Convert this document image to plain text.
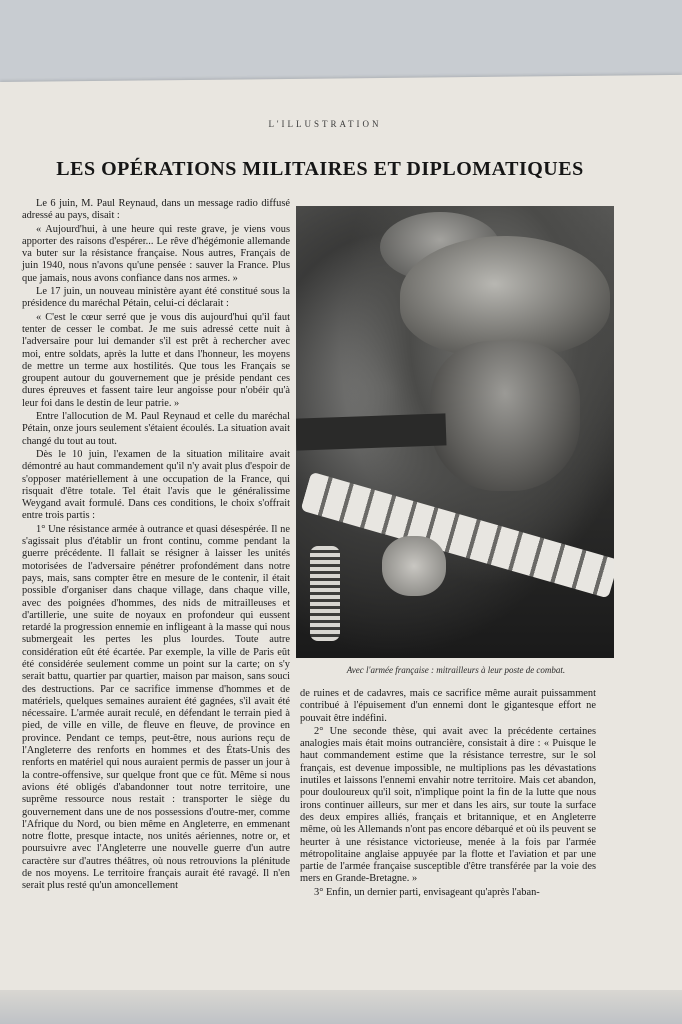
L'ILLUSTRATION
LES OPÉRATIONS MILITAIRES ET DIPLOMATIQUES

Le 6 juin, M. Paul Reynaud, dans un message radio diffusé adressé au pays, disait :

« Aujourd'hui, à une heure qui reste grave, je viens vous apporter des raisons d'espérer... Le rêve d'hégémonie allemande va buter sur la résistance française. Nous autres, Français de juin 1940, nous n'avons qu'une pensée : sauver la France. Plus que jamais, nous avons confiance dans nos armes. »

Le 17 juin, un nouveau ministère ayant été constitué sous la présidence du maréchal Pétain, celui-ci déclarait :

« C'est le cœur serré que je vous dis aujourd'hui qu'il faut tenter de cesser le combat. Je me suis adressé cette nuit à l'adversaire pour lui demander s'il est prêt à rechercher avec moi, entre soldats, après la lutte et dans l'honneur, les moyens de mettre un terme aux hostilités. Que tous les Français se groupent autour du gouvernement que je préside pendant ces dures épreuves et fassent taire leur angoisse pour n'obéir qu'à leur foi dans le destin de leur patrie. »

Entre l'allocution de M. Paul Reynaud et celle du maréchal Pétain, onze jours seulement s'étaient écoulés. La situation avait changé du tout au tout.

Dès le 10 juin, l'examen de la situation militaire avait démontré au haut commandement qu'il n'y avait plus d'espoir de s'opposer matériellement à une occupation de la France, qui risquait d'être totale. Tel était l'avis que le généralissime Weygand avait formulé. Dans ces conditions, le choix s'offrait entre trois partis :

1° Une résistance armée à outrance et quasi désespérée. Il ne s'agissait plus d'établir un front continu, comme pendant la guerre précédente. Il fallait se résigner à laisser les unités motorisées de l'adversaire pénétrer profondément dans notre pays, mais, sans compter être en mesure de le contenir, il était possible d'organiser dans chaque village, dans chaque ville, avec des poignées d'hommes, des nids de mitrailleuses et d'artillerie, une suite de noyaux en profondeur qui eussent retardé la progression ennemie en infligeant à la masse qui nous submergeait les pertes les plus lourdes. Toute autre considération eût été écartée. Par exemple, la ville de Paris eût été considérée seulement comme un point sur la carte; on s'y serait battu, quartier par quartier, maison par maison, sans souci des destructions. Par ce sacrifice immense d'hommes et de matériels, quelques semaines auraient été gagnées, s'il avait été nécessaire. L'armée aurait reculé, en défendant le terrain pied à pied, de ville en ville, de fleuve en fleuve, de province en province. Pendant ce temps, peut-être, nous aurions reçu de l'Angleterre des renforts en hommes et des États-Unis des renforts en matériel qui nous auraient permis de passer un jour à la contre-offensive, sur quelque front que ce fût. Même si nous avions été obligés d'abandonner tout notre territoire, une suprême ressource nous restait : transporter le siège du gouvernement dans une de nos possessions d'outre-mer, comme l'Afrique du Nord, ou bien même en Angleterre, en emmenant notre flotte, presque intacte, nos unités aériennes, notre or, et poursuivre avec l'Angleterre une nouvelle guerre d'un autre caractère sur d'autres théâtres, où nous retrouvions la plénitude de nos moyens. Le territoire français aurait été ravagé. Il n'en serait plus resté qu'un amoncellement

Avec l'armée française : mitrailleurs à leur poste de combat.

de ruines et de cadavres, mais ce sacrifice même aurait puissamment contribué à l'épuisement d'un ennemi dont le gigantesque effort ne pouvait être indéfini.

2° Une seconde thèse, qui avait avec la précédente certaines analogies mais était moins outrancière, consistait à dire : « Puisque le haut commandement estime que la résistance terrestre, sur le sol français, est devenue impossible, ne multiplions pas les dévastations inutiles et laissons l'ennemi envahir notre territoire. Mais cet abandon, pour douloureux qu'il soit, n'implique point la fin de la lutte que nous irons continuer ailleurs, sur mer et dans les airs, sur toute la surface des deux empires alliés, français et britannique, et en Angleterre même, où les Allemands n'ont pas encore débarqué et où ils peuvent se heurter à une résistance victorieuse, menée à la fois par l'armée métropolitaine anglaise appuyée par la flotte et l'aviation et par une partie de l'armée française susceptible d'être transférée par la voie des mers en Grande-Bretagne. »

3° Enfin, un dernier parti, envisageant qu'après l'aban-
